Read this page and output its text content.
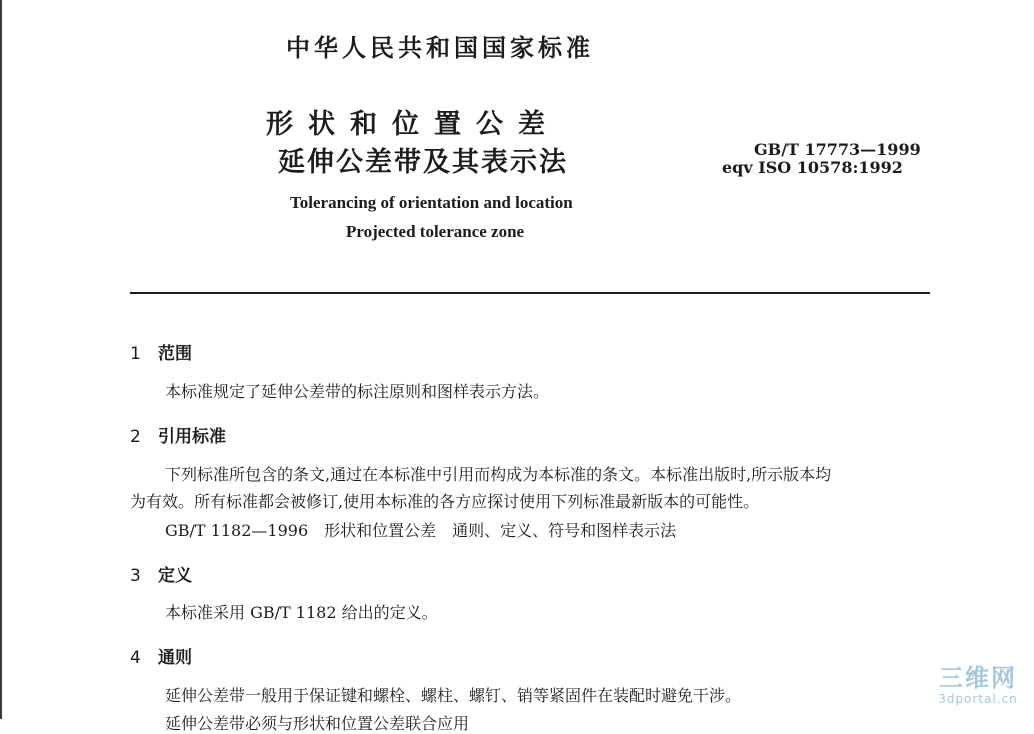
中华人民共和国国家标准
形状和位置公差
延伸公差带及其表示法	GB/T 17773—1999
eqv ISO 10578:1992
Tolerancing of orientation and location
Projected tolerance zone
1 范围
本标准规定了延伸公差带的标注原则和图样表示方法。
2 引用标准
下列标准所包含的条文,通过在本标准中引用而构成为本标准的条文。本标准出版时,所示版本均
为有效。所有标准都会被修订,使用本标准的各方应探讨使用下列标准最新版本的可能性。
GB/T 1182—1996　形状和位置公差　通则、定义、符号和图样表示法
3 定义
本标准采用 GB/T 1182 给出的定义。
4 通则
延伸公差带一般用于保证键和螺栓、螺柱、螺钉、销等紧固件在装配时避免干涉。
延伸公差带必须与形状和位置公差联合应用
三维网
3dportal.cn
